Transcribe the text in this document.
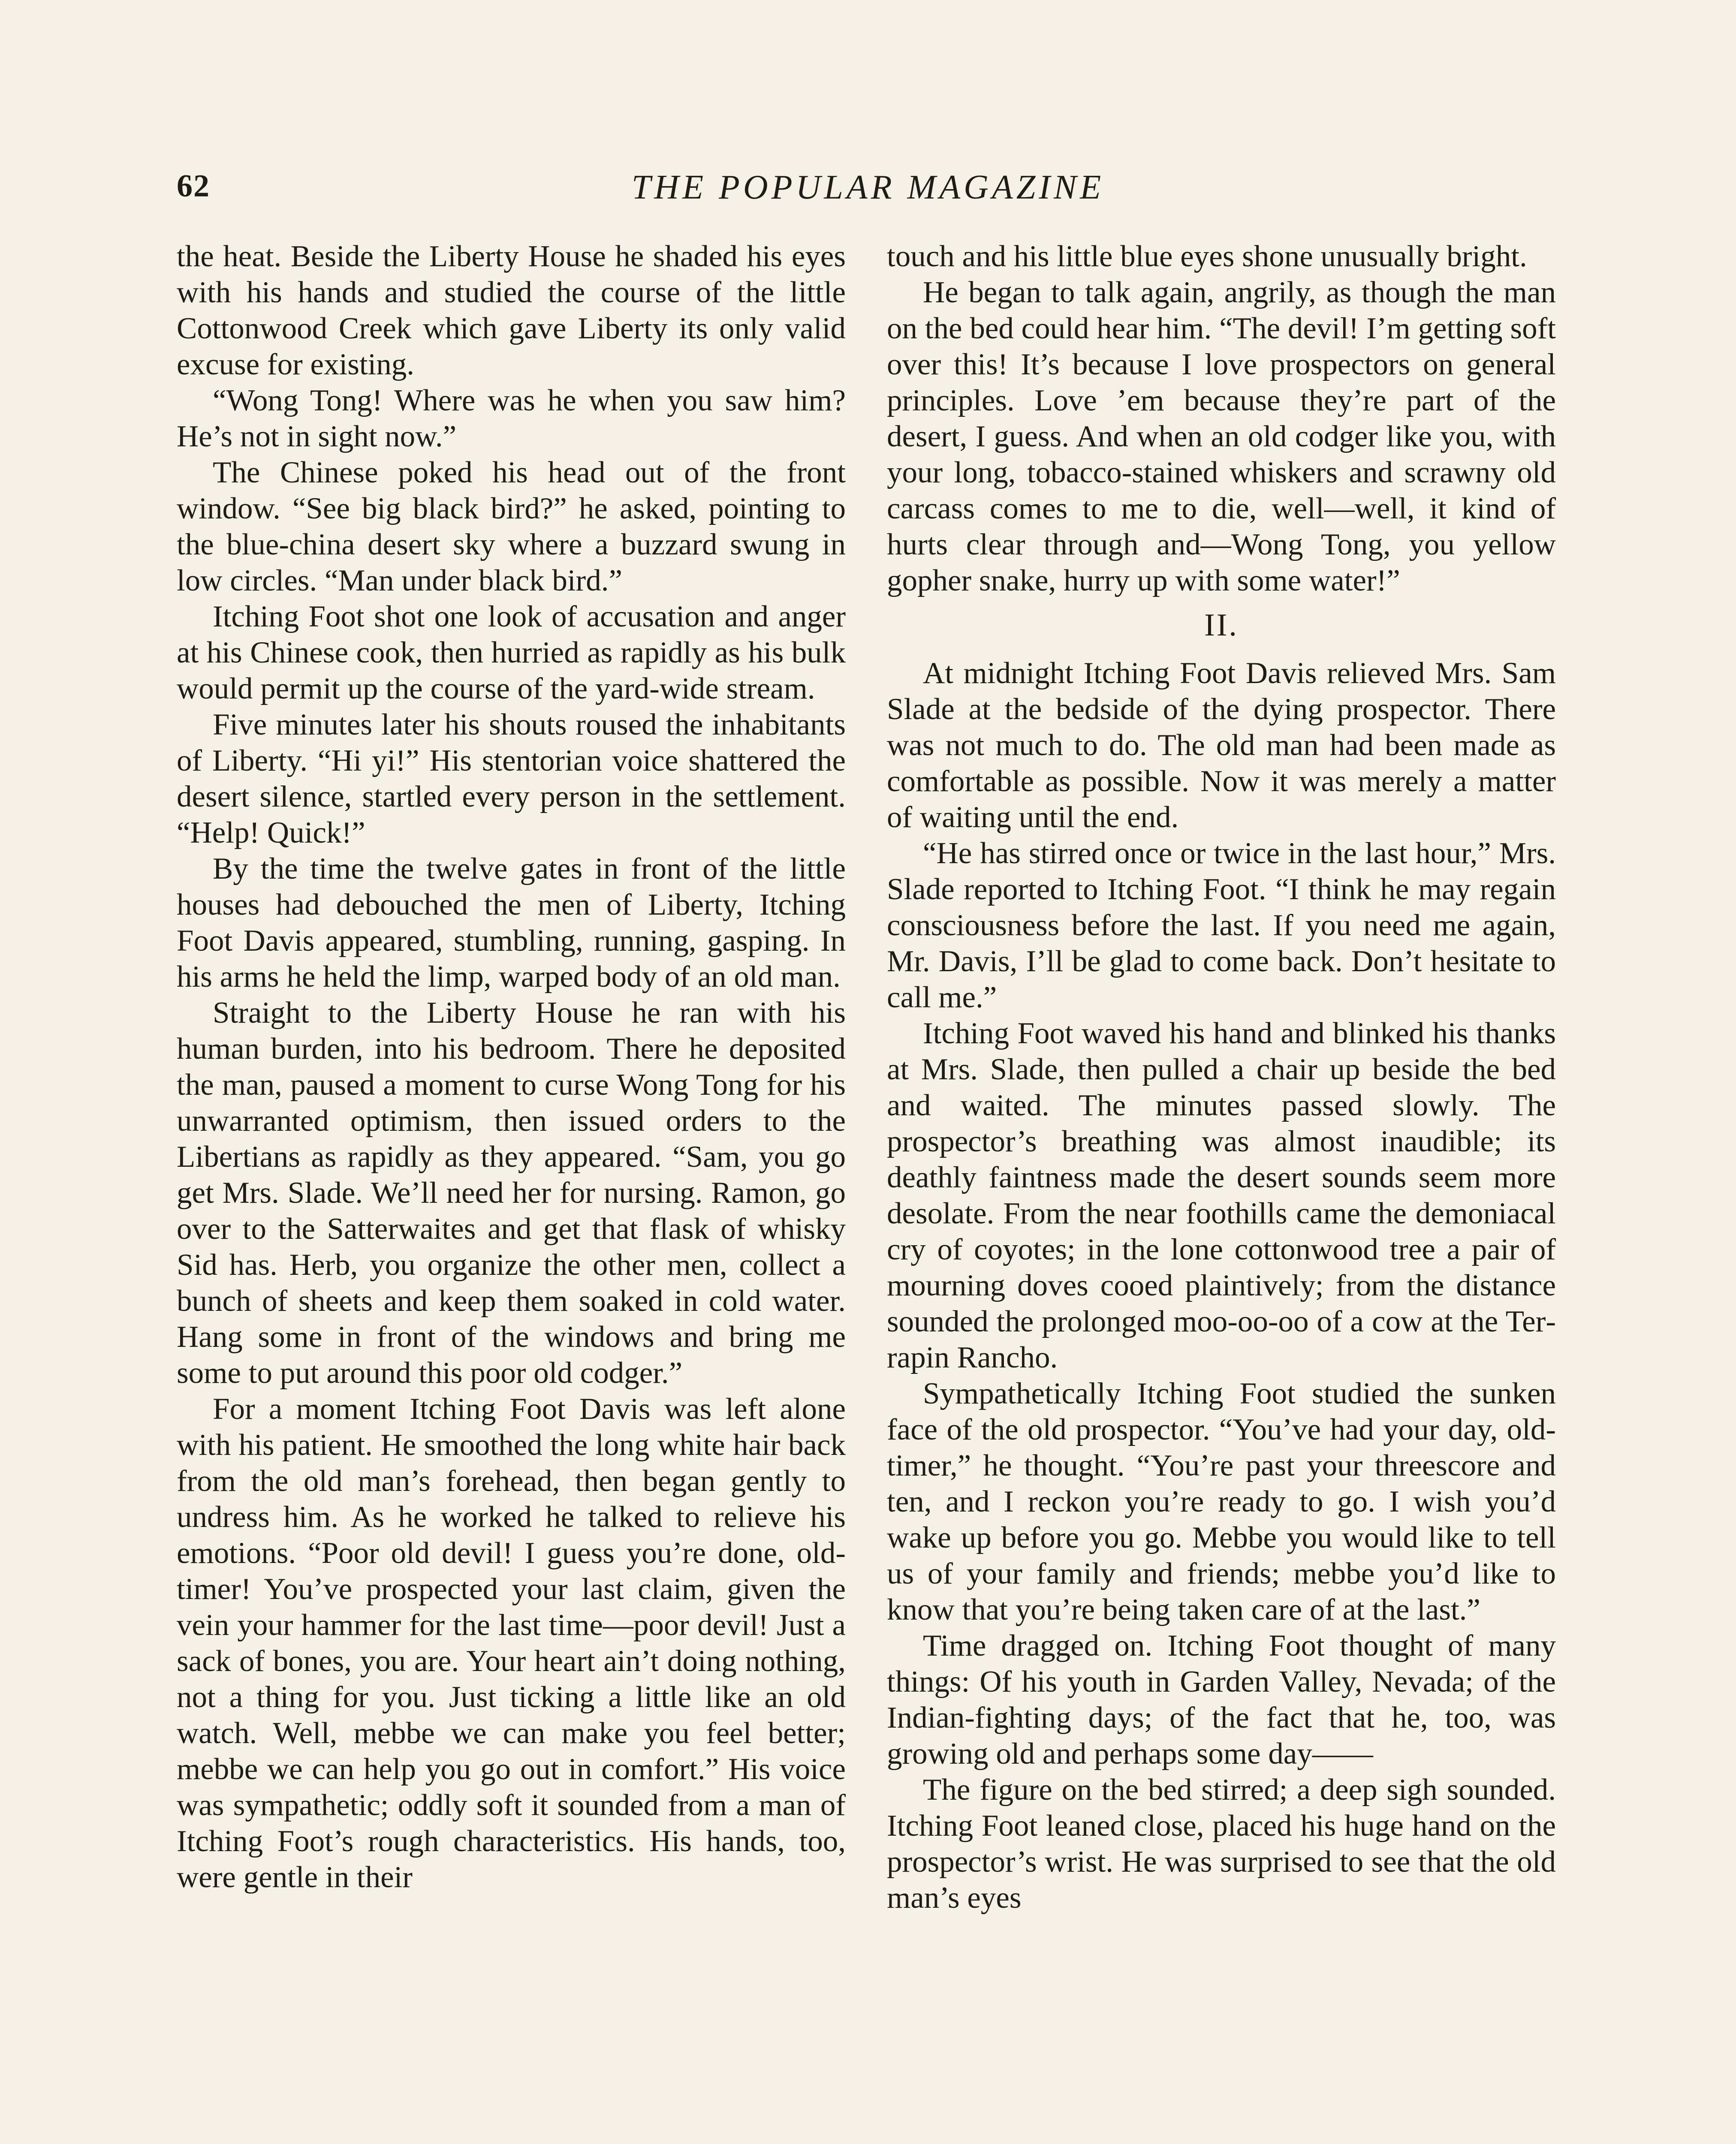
62	THE POPULAR MAGAZINE

the heat. Beside the Liberty House he shaded his eyes with his hands and studied the course of the little Cottonwood Creek which gave Liberty its only valid excuse for existing.

“Wong Tong! Where was he when you saw him? He’s not in sight now.”

The Chinese poked his head out of the front window. “See big black bird?” he asked, pointing to the blue-china desert sky where a buzzard swung in low circles. “Man under black bird.”

Itching Foot shot one look of accusation and anger at his Chinese cook, then hurried as rapidly as his bulk would permit up the course of the yard-wide stream.

Five minutes later his shouts roused the inhabitants of Liberty. “Hi yi!” His stentorian voice shattered the desert silence, startled every person in the settlement. “Help! Quick!”

By the time the twelve gates in front of the little houses had debouched the men of Liberty, Itching Foot Davis appeared, stumbling, running, gasping. In his arms he held the limp, warped body of an old man.

Straight to the Liberty House he ran with his human burden, into his bedroom. There he deposited the man, paused a moment to curse Wong Tong for his unwarranted optimism, then issued orders to the Libertians as rapidly as they appeared. “Sam, you go get Mrs. Slade. We’ll need her for nursing. Ramon, go over to the Satterwaites and get that flask of whisky Sid has. Herb, you organize the other men, collect a bunch of sheets and keep them soaked in cold water. Hang some in front of the windows and bring me some to put around this poor old codger.”

For a moment Itching Foot Davis was left alone with his patient. He smoothed the long white hair back from the old man’s forehead, then began gently to undress him. As he worked he talked to relieve his emotions. “Poor old devil! I guess you’re done, old-timer! You’ve prospected your last claim, given the vein your hammer for the last time—poor devil! Just a sack of bones, you are. Your heart ain’t doing nothing, not a thing for you. Just ticking a little like an old watch. Well, mebbe we can make you feel better; mebbe we can help you go out in comfort.” His voice was sympathetic; oddly soft it sounded from a man of Itching Foot’s rough characteristics. His hands, too, were gentle in their

touch and his little blue eyes shone unusually bright.

He began to talk again, angrily, as though the man on the bed could hear him. “The devil! I’m getting soft over this! It’s because I love prospectors on general principles. Love ’em because they’re part of the desert, I guess. And when an old codger like you, with your long, tobacco-stained whiskers and scrawny old carcass comes to me to die, well—well, it kind of hurts clear through and—Wong Tong, you yellow gopher snake, hurry up with some water!”

II.

At midnight Itching Foot Davis relieved Mrs. Sam Slade at the bedside of the dying prospector. There was not much to do. The old man had been made as comfortable as possible. Now it was merely a matter of waiting until the end.

“He has stirred once or twice in the last hour,” Mrs. Slade reported to Itching Foot. “I think he may regain consciousness before the last. If you need me again, Mr. Davis, I’ll be glad to come back. Don’t hesitate to call me.”

Itching Foot waved his hand and blinked his thanks at Mrs. Slade, then pulled a chair up beside the bed and waited. The minutes passed slowly. The prospector’s breathing was almost inaudible; its deathly faintness made the desert sounds seem more desolate. From the near foothills came the demoniacal cry of coyotes; in the lone cottonwood tree a pair of mourning doves cooed plaintively; from the distance sounded the prolonged moo-oo-oo of a cow at the Terrapin Rancho.

Sympathetically Itching Foot studied the sunken face of the old prospector. “You’ve had your day, old-timer,” he thought. “You’re past your threescore and ten, and I reckon you’re ready to go. I wish you’d wake up before you go. Mebbe you would like to tell us of your family and friends; mebbe you’d like to know that you’re being taken care of at the last.”

Time dragged on. Itching Foot thought of many things: Of his youth in Garden Valley, Nevada; of the Indian-fighting days; of the fact that he, too, was growing old and perhaps some day——

The figure on the bed stirred; a deep sigh sounded. Itching Foot leaned close, placed his huge hand on the prospector’s wrist. He was surprised to see that the old man’s eyes
